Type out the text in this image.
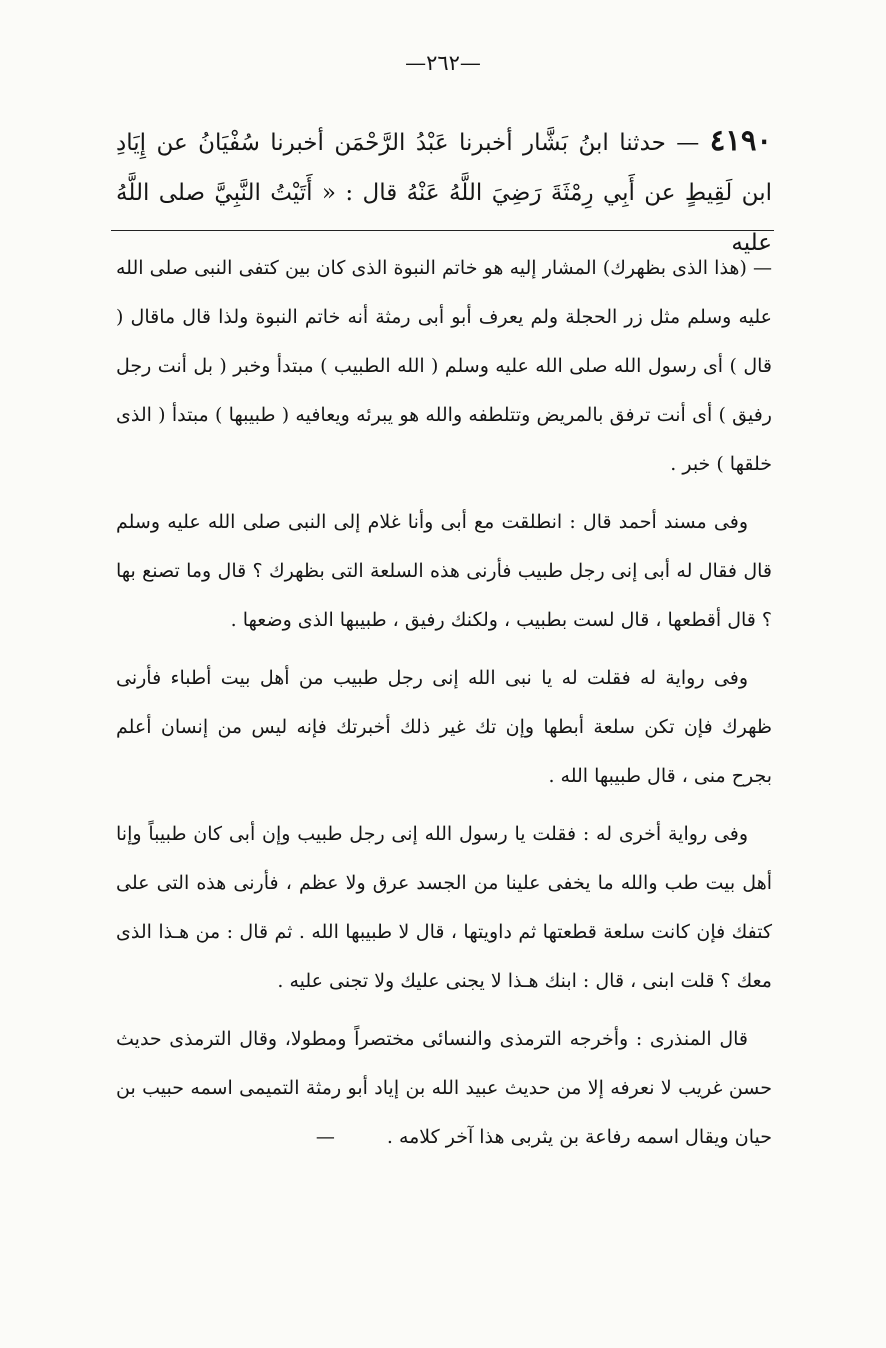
—٢٦٢—
٤١٩٠ — حدثنا ابنُ بَشَّار أخبرنا عَبْدُ الرَّحْمَن أخبرنا سُفْيَانُ عن إِيَادِ ابن لَقِيطٍ عن أَبِي رِمْثَةَ رَضِيَ اللَّهُ عَنْهُ قال : « أَتَيْتُ النَّبِيَّ صلى اللَّهُ عليه

— (هذا الذى بظهرك) المشار إليه هو خاتم النبوة الذى كان بين كتفى النبى صلى الله عليه وسلم مثل زر الحجلة ولم يعرف أبو أبى رمثة أنه خاتم النبوة ولذا قال ماقال ( قال ) أى رسول الله صلى الله عليه وسلم ( الله الطبيب ) مبتدأ وخبر ( بل أنت رجل رفيق ) أى أنت ترفق بالمريض وتتلطفه والله هو يبرئه ويعافيه ( طبيبها ) مبتدأ ( الذى خلقها ) خبر .

وفى مسند أحمد قال : انطلقت مع أبى وأنا غلام إلى النبى صلى الله عليه وسلم قال فقال له أبى إنى رجل طبيب فأرنى هذه السلعة التى بظهرك ؟ قال وما تصنع بها ؟ قال أقطعها ، قال لست بطبيب ، ولكنك رفيق ، طبيبها الذى وضعها .

وفى رواية له فقلت له يا نبى الله إنى رجل طبيب من أهل بيت أطباء فأرنى ظهرك فإن تكن سلعة أبطها وإن تك غير ذلك أخبرتك فإنه ليس من إنسان أعلم بجرح منى ، قال طبيبها الله .

وفى رواية أخرى له : فقلت يا رسول الله إنى رجل طبيب وإن أبى كان طبيباً وإنا أهل بيت طب والله ما يخفى علينا من الجسد عرق ولا عظم ، فأرنى هذه التى على كتفك فإن كانت سلعة قطعتها ثم داويتها ، قال لا طبيبها الله . ثم قال : من هـذا الذى معك ؟ قلت ابنى ، قال : ابنك هـذا لا يجنى عليك ولا تجنى عليه .

قال المنذرى : وأخرجه الترمذى والنسائى مختصراً ومطولا، وقال الترمذى حديث حسن غريب لا نعرفه إلا من حديث عبيد الله بن إياد أبو رمثة التميمى اسمه حبيب بن حيان ويقال اسمه رفاعة بن يثربى هذا آخر كلامه .—
